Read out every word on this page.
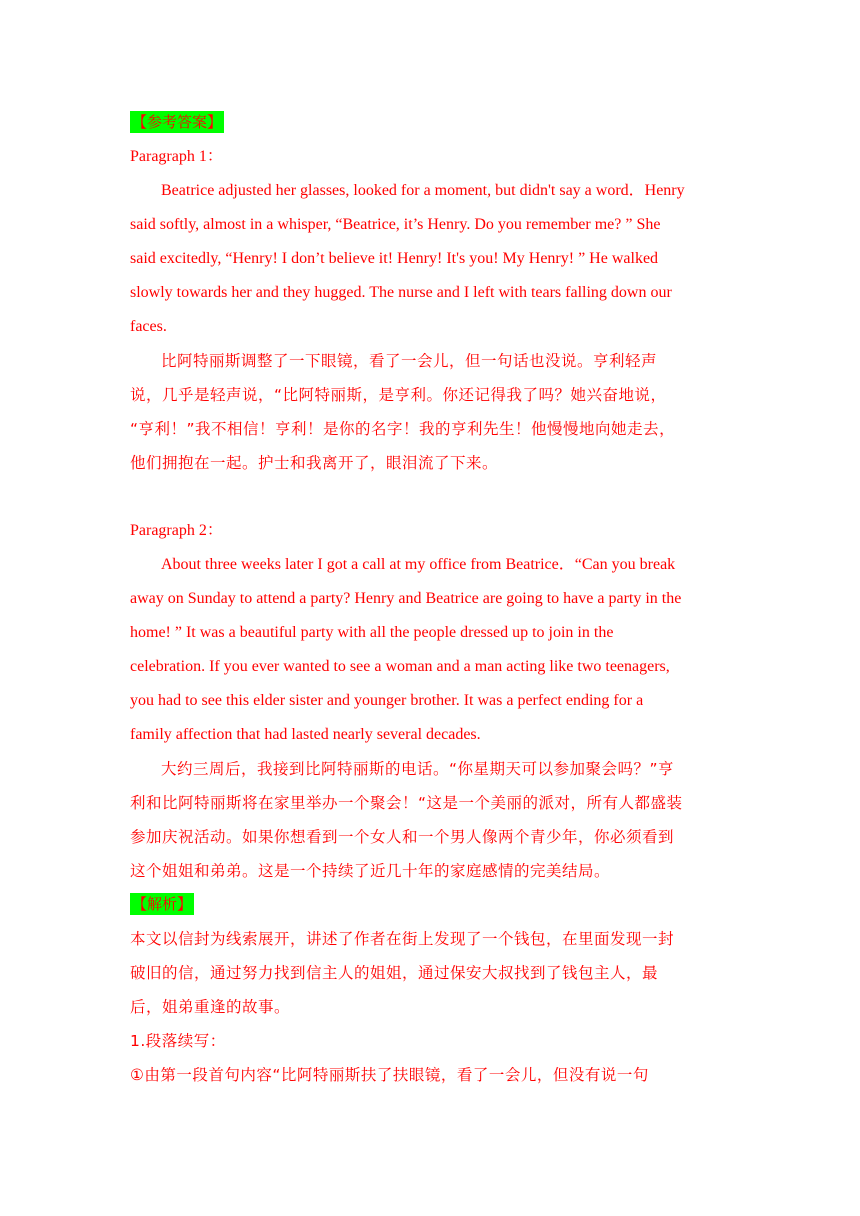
【参考答案】
Paragraph 1：
Beatrice adjusted her glasses, looked for a moment, but didn't say a word．Henry
said softly, almost in a whisper, “Beatrice, it’s Henry. Do you remember me? ” She
said excitedly, “Henry! I don’t believe it! Henry! It's you! My Henry! ” He walked
slowly towards her and they hugged. The nurse and I left with tears falling down our
faces.
比阿特丽斯调整了一下眼镜，看了一会儿，但一句话也没说。亨利轻声
说，几乎是轻声说，“比阿特丽斯，是亨利。你还记得我了吗？她兴奋地说，
“亨利！”我不相信！亨利！是你的名字！我的亨利先生！他慢慢地向她走去，
他们拥抱在一起。护士和我离开了，眼泪流了下来。
Paragraph 2：
About three weeks later I got a call at my office from Beatrice．“Can you break
away on Sunday to attend a party? Henry and Beatrice are going to have a party in the
home! ” It was a beautiful party with all the people dressed up to join in the
celebration. If you ever wanted to see a woman and a man acting like two teenagers,
you had to see this elder sister and younger brother. It was a perfect ending for a
family affection that had lasted nearly several decades.
大约三周后，我接到比阿特丽斯的电话。“你星期天可以参加聚会吗？”亨
利和比阿特丽斯将在家里举办一个聚会！“这是一个美丽的派对，所有人都盛装
参加庆祝活动。如果你想看到一个女人和一个男人像两个青少年，你必须看到
这个姐姐和弟弟。这是一个持续了近几十年的家庭感情的完美结局。
【解析】
本文以信封为线索展开，讲述了作者在街上发现了一个钱包，在里面发现一封
破旧的信，通过努力找到信主人的姐姐，通过保安大叔找到了钱包主人，最
后，姐弟重逢的故事。
1.段落续写：
①由第一段首句内容“比阿特丽斯扶了扶眼镜，看了一会儿，但没有说一句
